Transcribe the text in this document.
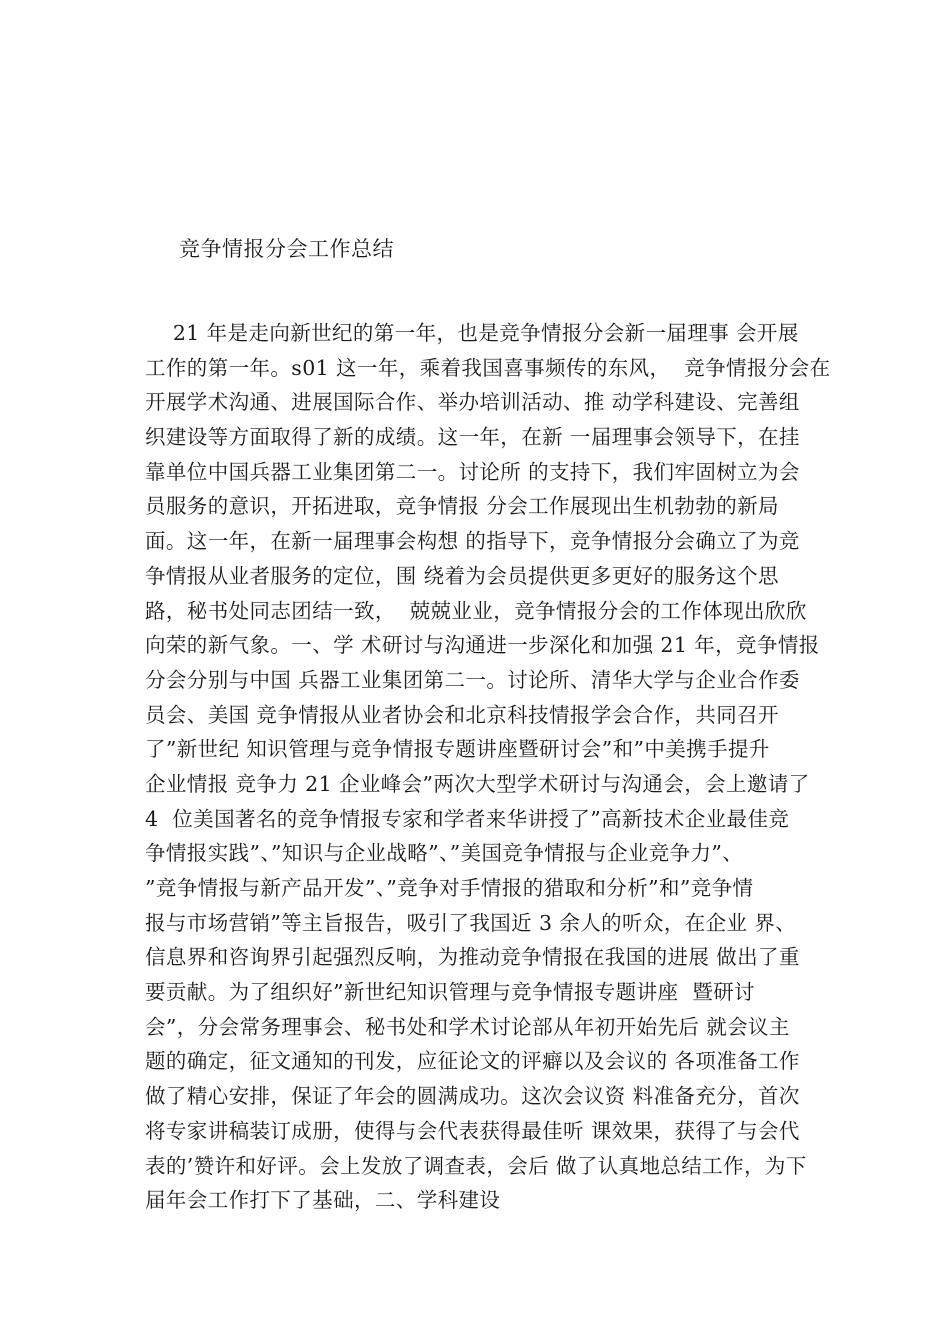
竞争情报分会工作总结
　 21 年是走向新世纪的第一年，也是竞争情报分会新一届理事 会开展
工作的第一年。s01 这一年，乘着我国喜事频传的东风，  竞争情报分会在
开展学术沟通、进展国际合作、举办培训活动、推 动学科建设、完善组
织建设等方面取得了新的成绩。这一年，在新 一届理事会领导下，在挂
靠单位中国兵器工业集团第二一。讨论所 的支持下，我们牢固树立为会
员服务的意识，开拓进取，竞争情报 分会工作展现出生机勃勃的新局
面。这一年，在新一届理事会构想 的指导下，竞争情报分会确立了为竞
争情报从业者服务的定位，围 绕着为会员提供更多更好的服务这个思
路，秘书处同志团结一致，  兢兢业业，竞争情报分会的工作体现出欣欣
向荣的新气象。一、学 术研讨与沟通进一步深化和加强 21 年，竞争情报
分会分别与中国 兵器工业集团第二一。讨论所、清华大学与企业合作委
员会、美国 竞争情报从业者协会和北京科技情报学会合作，共同召开
了”新世纪 知识管理与竞争情报专题讲座暨研讨会”和”中美携手提升
企业情报 竞争力 21 企业峰会”两次大型学术研讨与沟通会，会上邀请了
4  位美国著名的竞争情报专家和学者来华讲授了”高新技术企业最佳竞
争情报实践”、”知识与企业战略”、”美国竞争情报与企业竞争力”、
”竞争情报与新产品开发”、”竞争对手情报的猎取和分析”和”竞争情
报与市场营销”等主旨报告，吸引了我国近 3 余人的听众，在企业 界、
信息界和咨询界引起强烈反响，为推动竞争情报在我国的进展 做出了重
要贡献。为了组织好”新世纪知识管理与竞争情报专题讲座  暨研讨
会”，分会常务理事会、秘书处和学术讨论部从年初开始先后 就会议主
题的确定，征文通知的刊发，应征论文的评癖以及会议的 各项准备工作
做了精心安排，保证了年会的圆满成功。这次会议资 料准备充分，首次
将专家讲稿装订成册，使得与会代表获得最佳听 课效果，获得了与会代
表的’赞许和好评。会上发放了调查表，会后 做了认真地总结工作，为下
届年会工作打下了基础，二、学科建设
